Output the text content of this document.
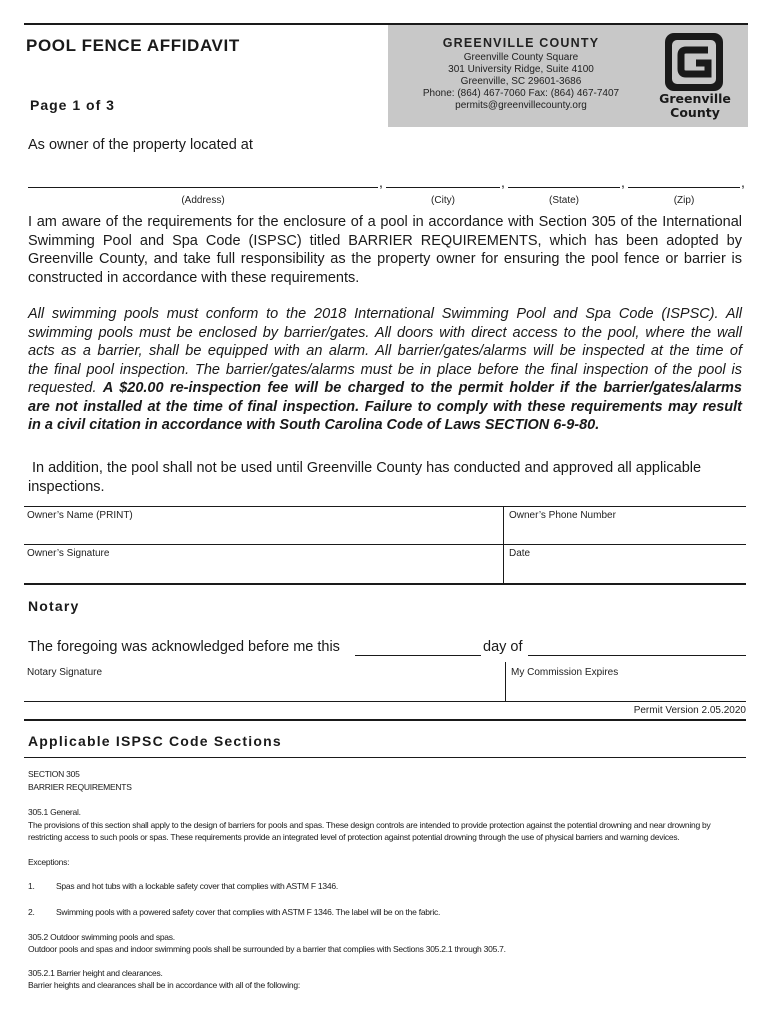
POOL FENCE AFFIDAVIT
Page 1 of 3
GREENVILLE COUNTY
Greenville County Square
301 University Ridge, Suite 4100
Greenville, SC 29601-3686
Phone: (864) 467-7060 Fax: (864) 467-7407
permits@greenvillecounty.org	Greenville
County
As owner of the property located at
,	,	,	,
(Address)	(City)	(State)	(Zip)
I am aware of the requirements for the enclosure of a pool in accordance with Section 305 of the International
Swimming Pool and Spa Code (ISPSC) titled BARRIER REQUIREMENTS, which has been adopted by
Greenville County, and take full responsibility as the property owner for ensuring the pool fence or barrier is
constructed in accordance with these requirements.
All swimming pools must conform to the 2018 International Swimming Pool and Spa Code (ISPSC). All
swimming pools must be enclosed by barrier/gates. All doors with direct access to the pool, where the wall
acts as a barrier, shall be equipped with an alarm. All barrier/gates/alarms will be inspected at the time of
the final pool inspection. The barrier/gates/alarms must be in place before the final inspection of the pool is
requested. A $20.00 re-inspection fee will be charged to the permit holder if the barrier/gates/alarms
are not installed at the time of final inspection. Failure to comply with these requirements may result
in a civil citation in accordance with South Carolina Code of Laws SECTION 6-9-80.
In addition, the pool shall not be used until Greenville County has conducted and approved all applicable
inspections.
Owner’s Name (PRINT)	Owner’s Phone Number
Owner’s Signature	Date
Notary
The foregoing was acknowledged before me this	day of
Notary Signature	My Commission Expires
Permit Version 2.05.2020
Applicable ISPSC Code Sections
SECTION 305
BARRIER REQUIREMENTS
305.1 General.
The provisions of this section shall apply to the design of barriers for pools and spas. These design controls are intended to provide protection against the potential drowning and near drowning by
restricting access to such pools or spas. These requirements provide an integrated level of protection against potential drowning through the use of physical barriers and warning devices.
Exceptions:
1.	Spas and hot tubs with a lockable safety cover that complies with ASTM F 1346.
2.	Swimming pools with a powered safety cover that complies with ASTM F 1346. The label will be on the fabric.
305.2 Outdoor swimming pools and spas.
Outdoor pools and spas and indoor swimming pools shall be surrounded by a barrier that complies with Sections 305.2.1 through 305.7.
305.2.1 Barrier height and clearances.
Barrier heights and clearances shall be in accordance with all of the following:
